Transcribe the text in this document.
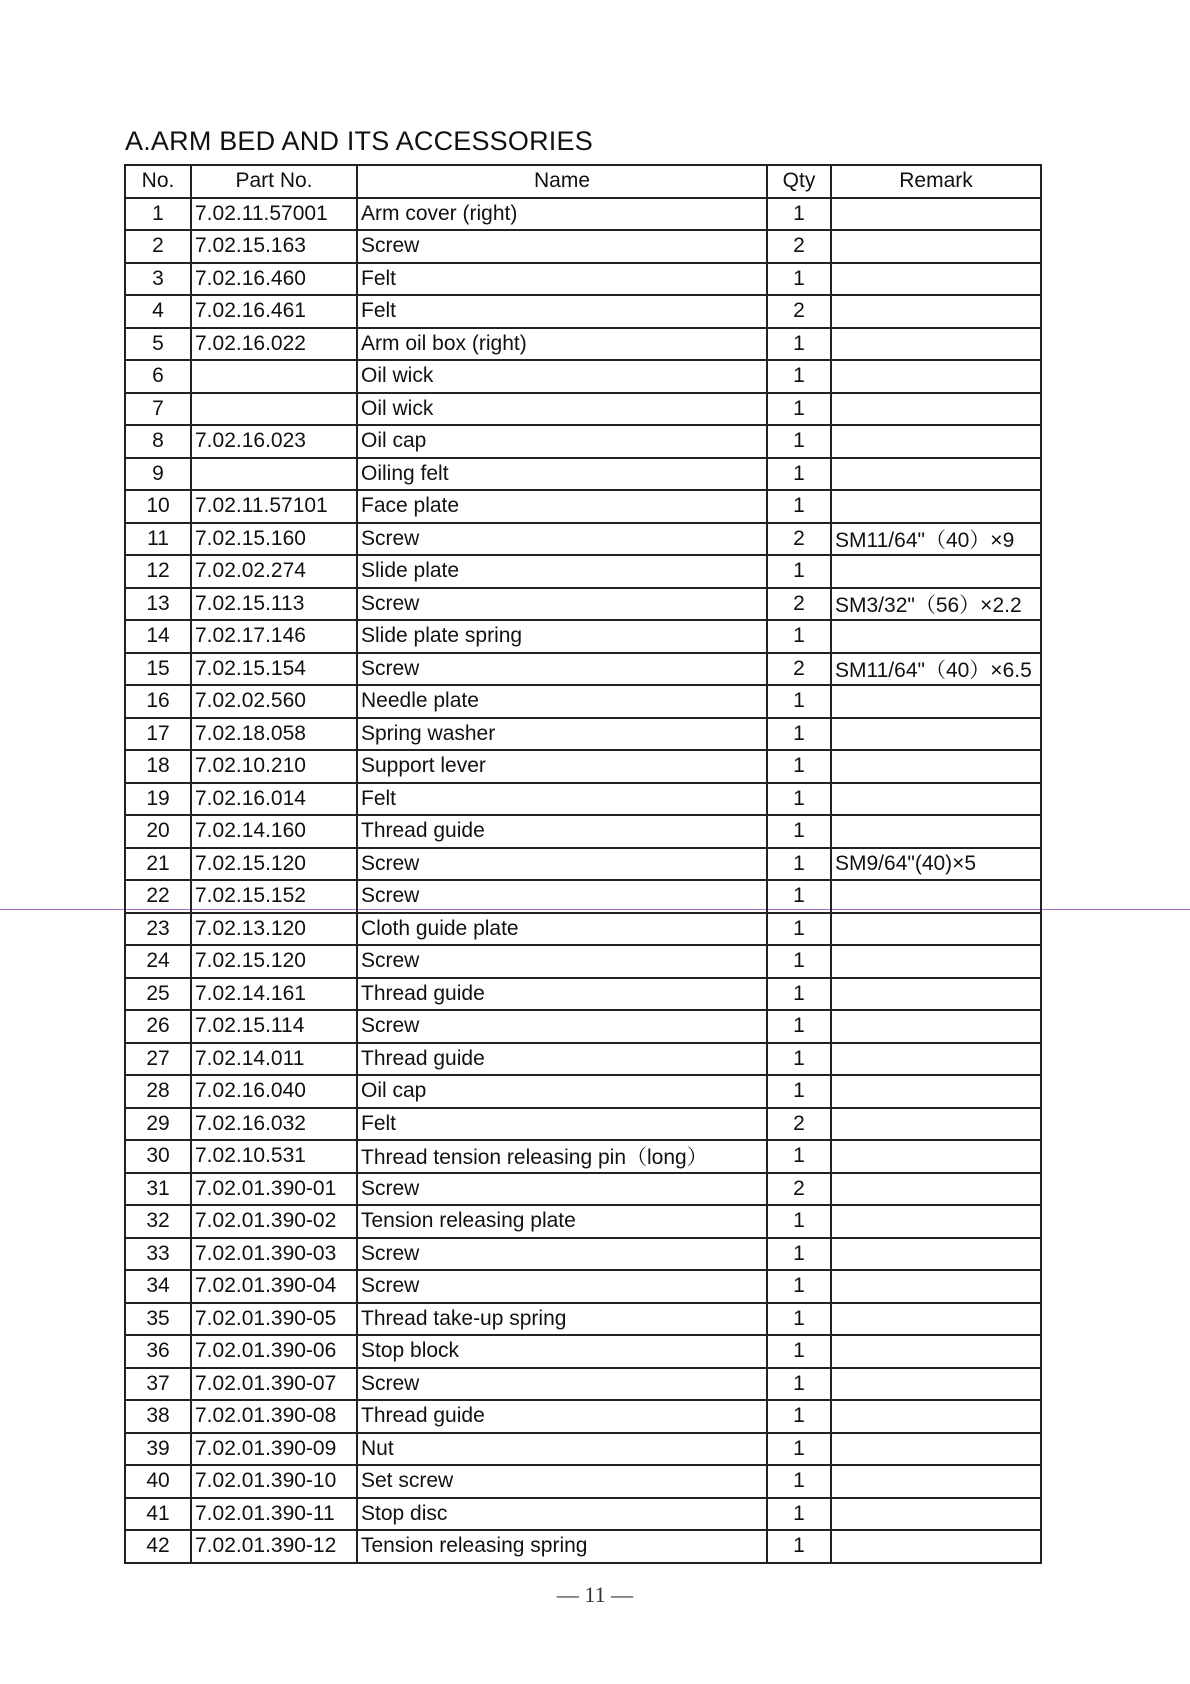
A.ARM BED AND ITS ACCESSORIES
No.	Part No.	Name	Qty	Remark
1	7.02.11.57001	Arm cover (right)	1	
2	7.02.15.163	Screw	2	
3	7.02.16.460	Felt	1	
4	7.02.16.461	Felt	2	
5	7.02.16.022	Arm oil box (right)	1	
6		Oil wick	1	
7		Oil wick	1	
8	7.02.16.023	Oil cap	1	
9		Oiling felt	1	
10	7.02.11.57101	Face plate	1	
11	7.02.15.160	Screw	2	SM11/64"（40）×9
12	7.02.02.274	Slide plate	1	
13	7.02.15.113	Screw	2	SM3/32"（56）×2.2
14	7.02.17.146	Slide plate spring	1	
15	7.02.15.154	Screw	2	SM11/64"（40）×6.5
16	7.02.02.560	Needle plate	1	
17	7.02.18.058	Spring washer	1	
18	7.02.10.210	Support lever	1	
19	7.02.16.014	Felt	1	
20	7.02.14.160	Thread guide	1	
21	7.02.15.120	Screw	1	SM9/64"(40)×5
22	7.02.15.152	Screw	1	
23	7.02.13.120	Cloth guide plate	1	
24	7.02.15.120	Screw	1	
25	7.02.14.161	Thread guide	1	
26	7.02.15.114	Screw	1	
27	7.02.14.011	Thread guide	1	
28	7.02.16.040	Oil cap	1	
29	7.02.16.032	Felt	2	
30	7.02.10.531	Thread tension releasing pin（long）	1	
31	7.02.01.390-01	Screw	2	
32	7.02.01.390-02	Tension releasing plate	1	
33	7.02.01.390-03	Screw	1	
34	7.02.01.390-04	Screw	1	
35	7.02.01.390-05	Thread take-up spring	1	
36	7.02.01.390-06	Stop block	1	
37	7.02.01.390-07	Screw	1	
38	7.02.01.390-08	Thread guide	1	
39	7.02.01.390-09	Nut	1	
40	7.02.01.390-10	Set screw	1	
41	7.02.01.390-11	Stop disc	1	
42	7.02.01.390-12	Tension releasing spring	1	
— 11 —
